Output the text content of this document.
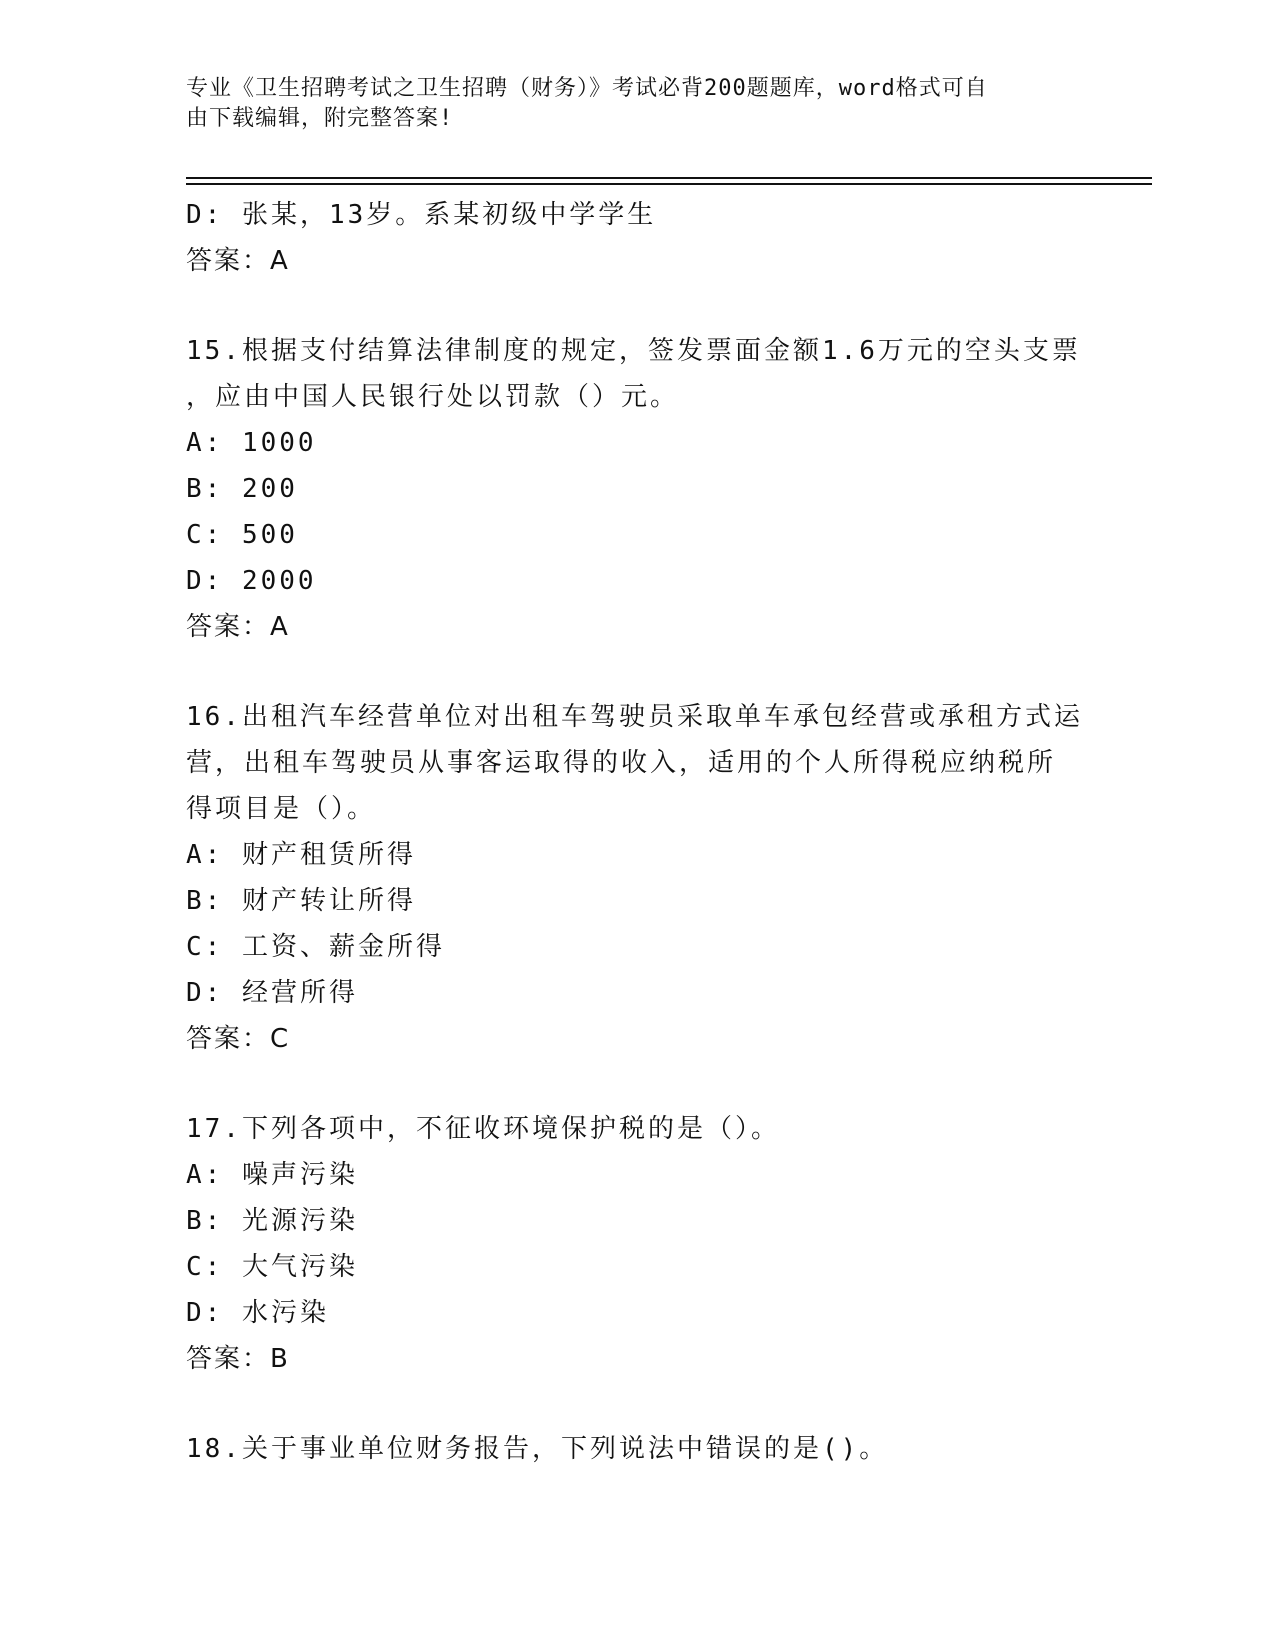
专业《卫生招聘考试之卫生招聘（财务）》考试必背200题题库，word格式可自
由下载编辑，附完整答案!
D: 张某，13岁。系某初级中学学生
答案：A
15.根据支付结算法律制度的规定，签发票面金额1.6万元的空头支票
，应由中国人民银行处以罚款（）元。
A: 1000
B: 200
C: 500
D: 2000
答案：A
16.出租汽车经营单位对出租车驾驶员采取单车承包经营或承租方式运
营，出租车驾驶员从事客运取得的收入，适用的个人所得税应纳税所
得项目是（）。
A: 财产租赁所得
B: 财产转让所得
C: 工资、薪金所得
D: 经营所得
答案：C
17.下列各项中，不征收环境保护税的是（）。
A: 噪声污染
B: 光源污染
C: 大气污染
D: 水污染
答案：B
18.关于事业单位财务报告，下列说法中错误的是()。
